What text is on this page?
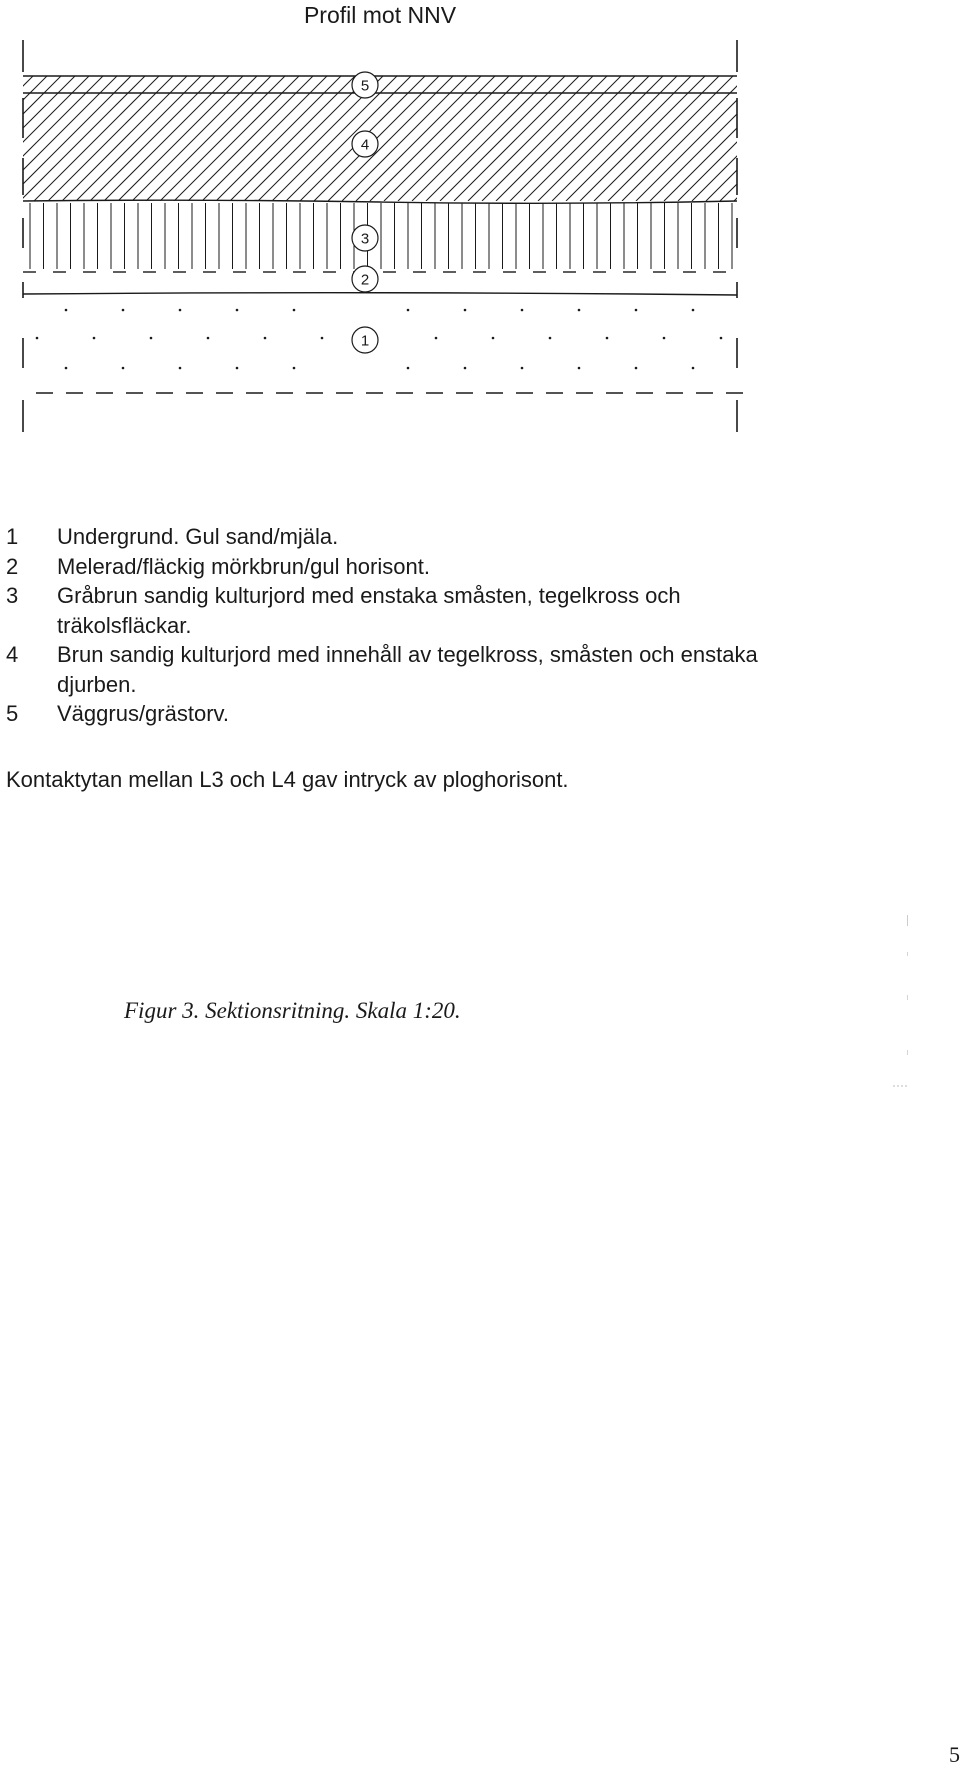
Profil mot NNV
5
4
3
2
1
1	Undergrund. Gul sand/mjäla.
2	Melerad/fläckig mörkbrun/gul horisont.
3	Gråbrun sandig kulturjord med enstaka småsten, tegelkross och träkolsfläckar.
4	Brun sandig kulturjord med innehåll av tegelkross, småsten och enstaka djurben.
5	Väggrus/grästorv.
Kontaktytan mellan L3 och L4 gav intryck av ploghorisont.
Figur 3. Sektionsritning. Skala 1:20.
5
